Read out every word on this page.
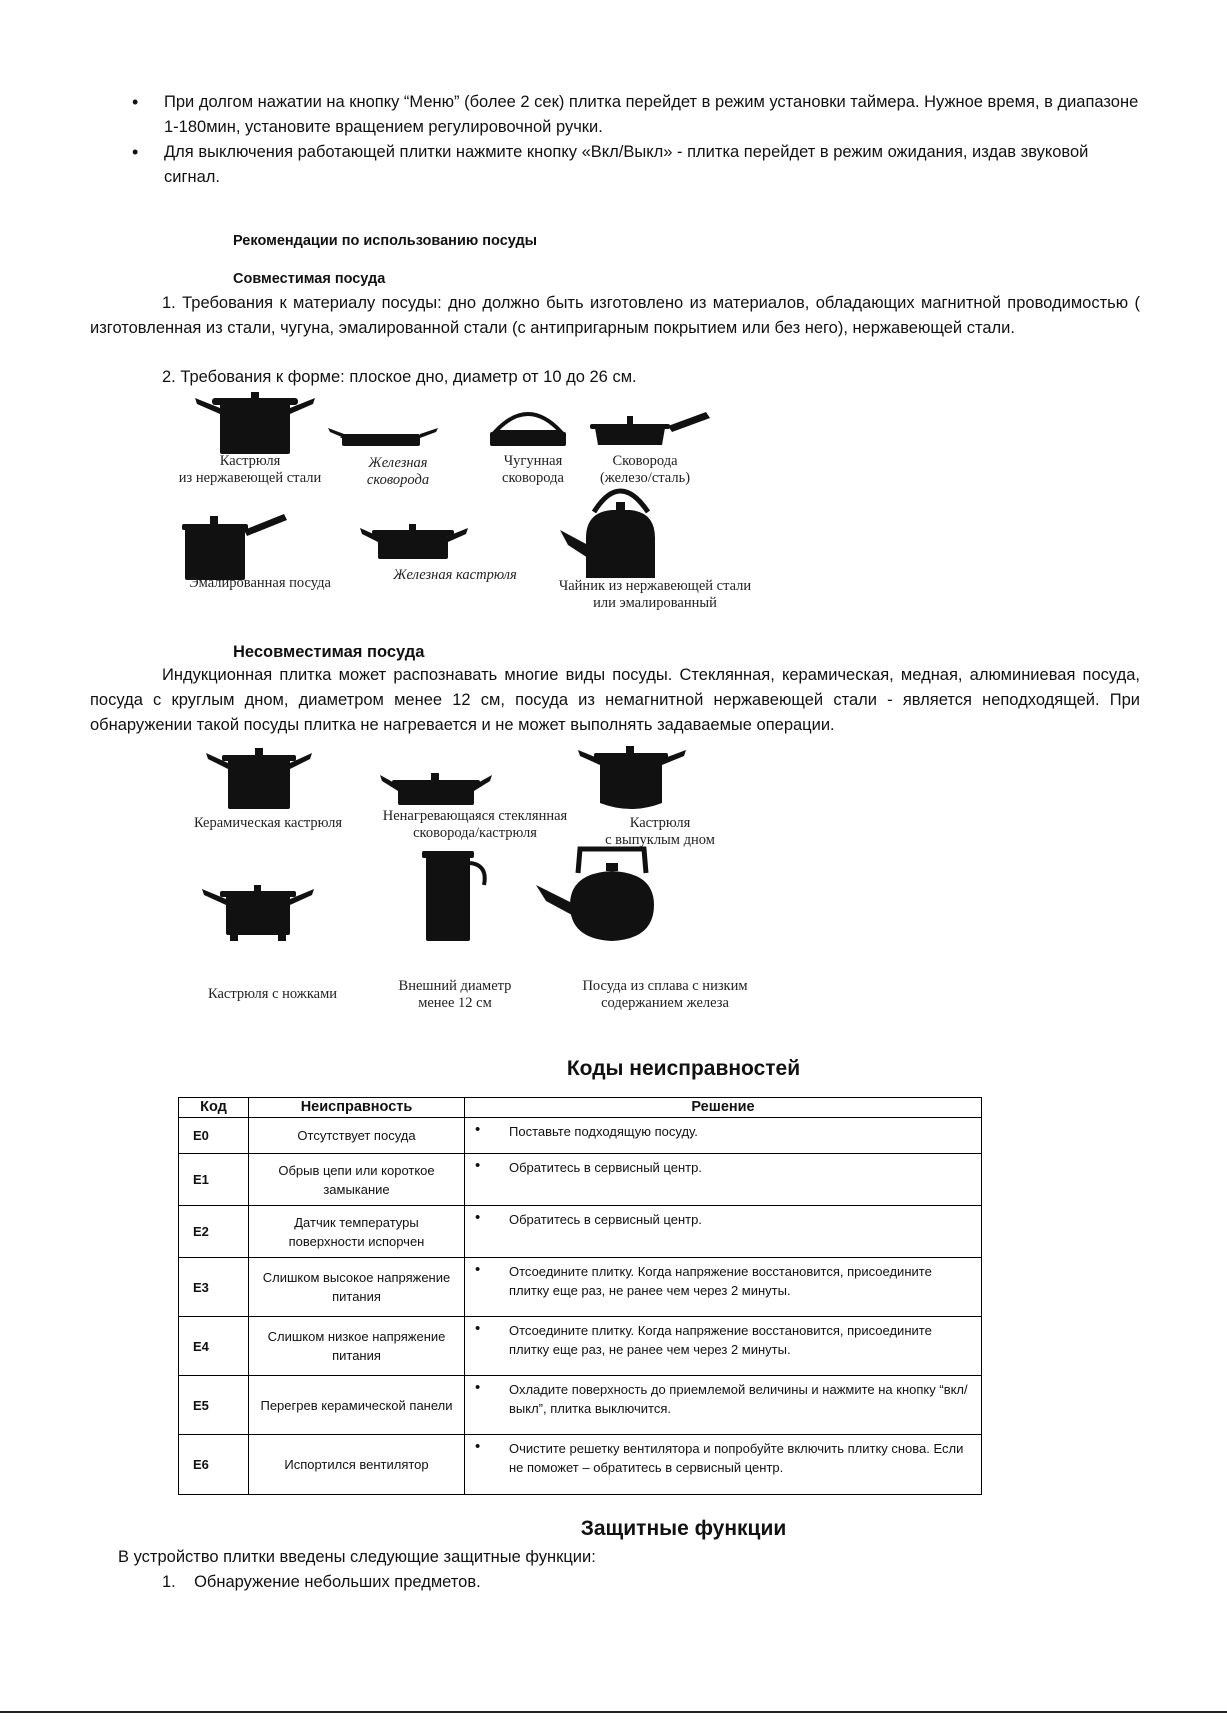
• При долгом нажатии на кнопку “Меню” (более 2 сек) плитка перейдет в режим установки таймера. Нужное время, в диапазоне 1-180мин, установите вращением регулировочной ручки.
• Для выключения работающей плитки нажмите кнопку «Вкл/Выкл» - плитка перейдет в режим ожидания, издав звуковой сигнал.
Рекомендации по использованию посуды
Совместимая посуда
1. Требования к материалу посуды: дно должно быть изготовлено из материалов, обладающих магнитной проводимостью ( изготовленная из стали, чугуна, эмалированной стали (с антипригарным покрытием или без него), нержавеющей стали.
2. Требования к форме: плоское дно, диаметр от 10 до 26 см.
Кастрюля
из нержавеющей стали
Железная
сковорода
Чугунная
сковорода
Сковорода
(железо/сталь)
Эмалированная посуда	Железная кастрюля
Чайник из нержавеющей стали
или эмалированный
Несовместимая посуда
Индукционная плитка может распознавать многие виды посуды. Стеклянная, керамическая, медная, алюминиевая посуда, посуда с круглым дном, диаметром менее 12 см, посуда из немагнитной нержавеющей стали - является неподходящей. При обнаружении такой посуды плитка не нагревается и не может выполнять задаваемые операции.
Керамическая кастрюля	Ненагревающаяся стеклянная
сковорода/кастрюля
Кастрюля
с выпуклым дном
Кастрюля с ножками	Внешний диаметр
менее 12 см
Посуда из сплава с низким
содержанием железа
Коды неисправностей
Код	Неисправность	Решение
E0	Отсутствует посуда	• Поставьте подходящую посуду.

E1	Обрыв цепи или короткое замыкание	• Обратитесь в сервисный центр.

E2	Датчик температуры поверхности испорчен	• Обратитесь в сервисный центр.

E3	Слишком высокое напряжение питания	• Отсоедините плитку. Когда напряжение восстановится, присоедините плитку еще раз, не ранее чем через 2 минуты.

E4	Слишком низкое напряжение питания	• Отсоедините плитку. Когда напряжение восстановится, присоедините плитку еще раз, не ранее чем через 2 минуты.

E5	Перегрев керамической панели	• Охладите поверхность до приемлемой величины и нажмите на кнопку “вкл/выкл”, плитка выключится.

E6	Испортился вентилятор	• Очистите решетку вентилятора и попробуйте включить плитку снова. Если не поможет – обратитесь в сервисный центр.
Защитные функции
В устройство плитки введены следующие защитные функции:
1.    Обнаружение небольших предметов.
